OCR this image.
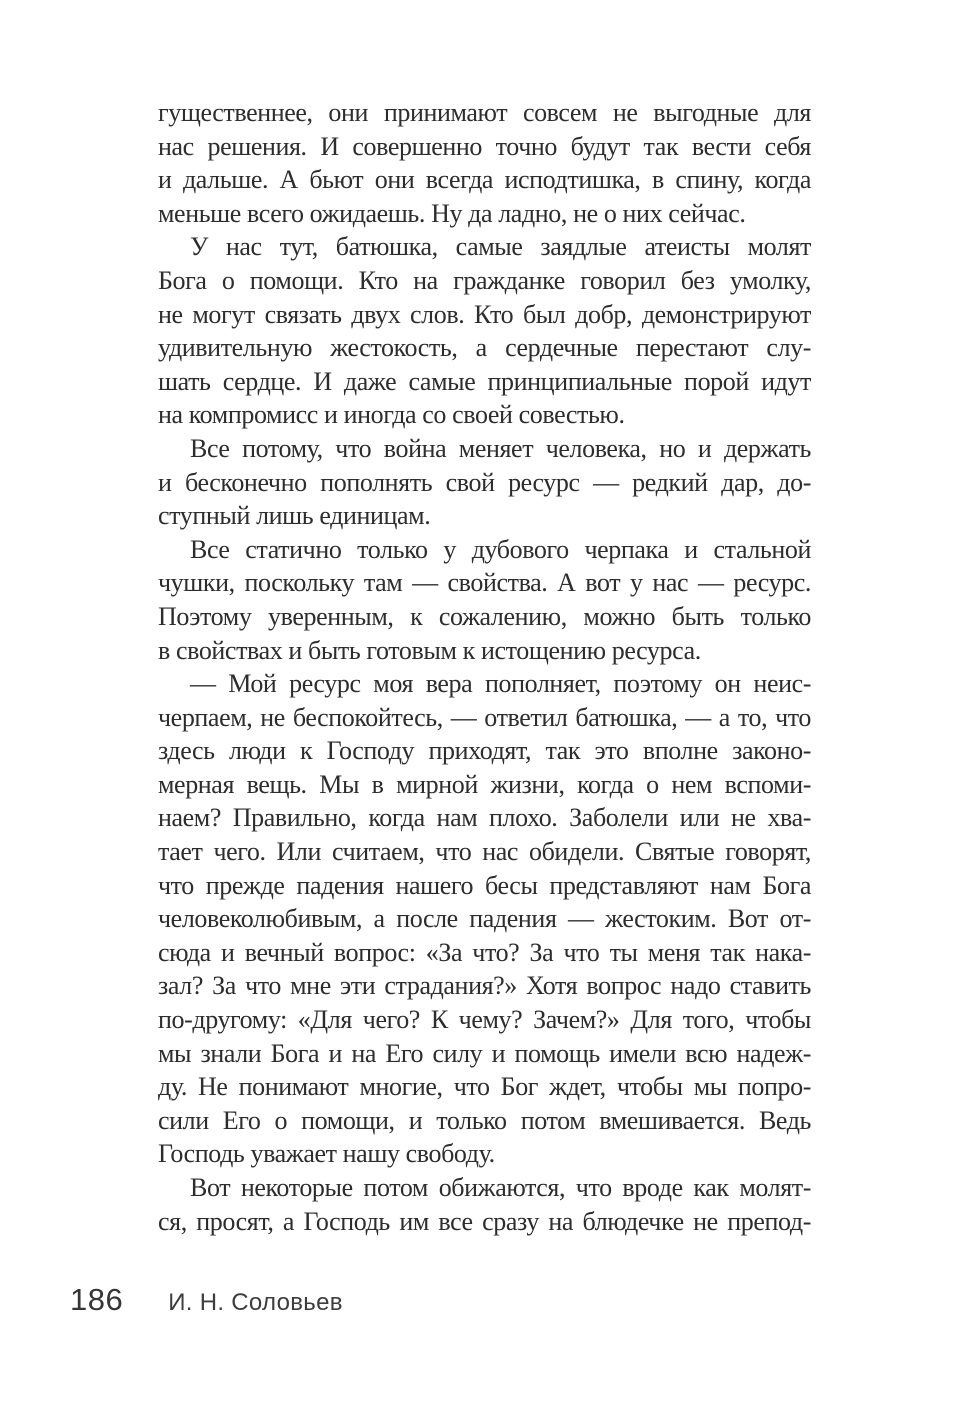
гущественнее, они принимают совсем не выгодные для
нас решения. И совершенно точно будут так вести себя
и дальше. А бьют они всегда исподтишка, в спину, когда
меньше всего ожидаешь. Ну да ладно, не о них сейчас.
У нас тут, батюшка, самые заядлые атеисты молят
Бога о помощи. Кто на гражданке говорил без умолку,
не могут связать двух слов. Кто был добр, демонстрируют
удивительную жестокость, а сердечные перестают слу-
шать сердце. И даже самые принципиальные порой идут
на компромисс и иногда со своей совестью.
Все потому, что война меняет человека, но и держать
и бесконечно пополнять свой ресурс — редкий дар, до-
ступный лишь единицам.
Все статично только у дубового черпака и стальной
чушки, поскольку там — свойства. А вот у нас — ресурс.
Поэтому уверенным, к сожалению, можно быть только
в свойствах и быть готовым к истощению ресурса.
— Мой ресурс моя вера пополняет, поэтому он неис-
черпаем, не беспокойтесь, — ответил батюшка, — а то, что
здесь люди к Господу приходят, так это вполне законо-
мерная вещь. Мы в мирной жизни, когда о нем вспоми-
наем? Правильно, когда нам плохо. Заболели или не хва-
тает чего. Или считаем, что нас обидели. Святые говорят,
что прежде падения нашего бесы представляют нам Бога
человеколюбивым, а после падения — жестоким. Вот от-
сюда и вечный вопрос: «За что? За что ты меня так нака-
зал? За что мне эти страдания?» Хотя вопрос надо ставить
по-другому: «Для чего? К чему? Зачем?» Для того, чтобы
мы знали Бога и на Его силу и помощь имели всю надеж-
ду. Не понимают многие, что Бог ждет, чтобы мы попро-
сили Его о помощи, и только потом вмешивается. Ведь
Господь уважает нашу свободу.
Вот некоторые потом обижаются, что вроде как молят-
ся, просят, а Господь им все сразу на блюдечке не препод-
186 И. Н. Соловьев
